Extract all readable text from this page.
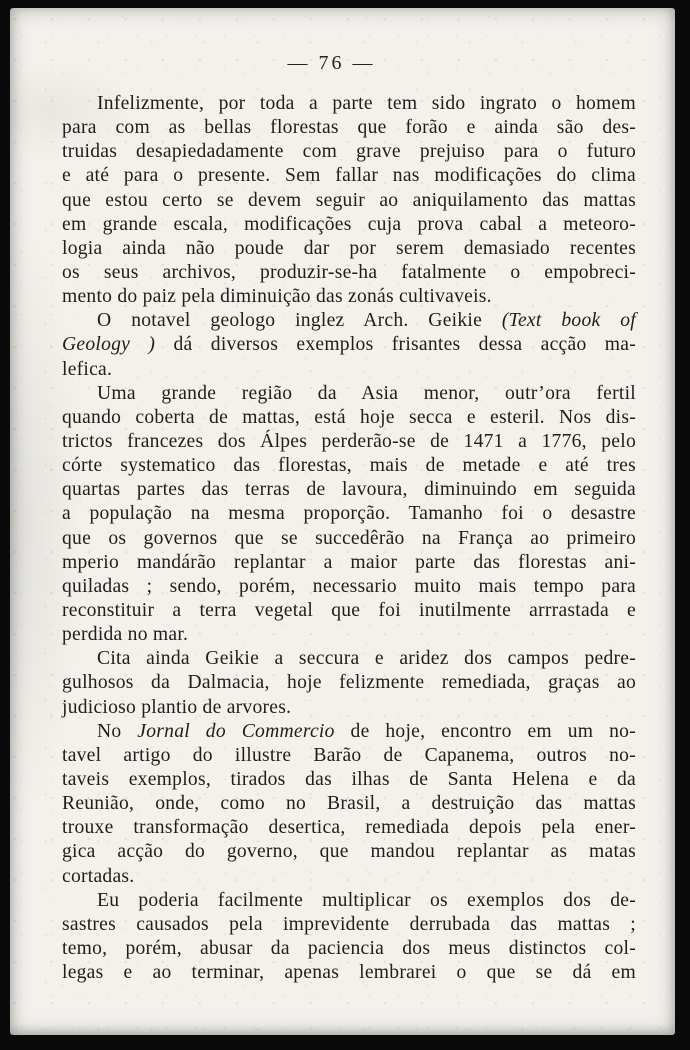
— 76 —
Infelizmente, por toda a parte tem sido ingrato o homem
para com as bellas florestas que forão e ainda são des-
truidas desapiedadamente com grave prejuiso para o futuro
e até para o presente. Sem fallar nas modificações do clima
que estou certo se devem seguir ao aniquilamento das mattas
em grande escala, modificações cuja prova cabal a meteoro-
logia ainda não poude dar por serem demasiado recentes
os seus archivos, produzir-se-ha fatalmente o empobreci-
mento do paiz pela diminuição das zonás cultivaveis.
O notavel geologo inglez Arch. Geikie (Text book of
Geology ) dá diversos exemplos frisantes dessa acção ma-
lefica.
Uma grande região da Asia menor, outr’ora fertil
quando coberta de mattas, está hoje secca e esteril. Nos dis-
trictos francezes dos Álpes perderão-se de 1471 a 1776, pelo
córte systematico das florestas, mais de metade e até tres
quartas partes das terras de lavoura, diminuindo em seguida
a população na mesma proporção. Tamanho foi o desastre
que os governos que se succedêrão na França ao primeiro
mperio mandárão replantar a maior parte das florestas ani-
quiladas ; sendo, porém, necessario muito mais tempo para
reconstituir a terra vegetal que foi inutilmente arrrastada e
perdida no mar.
Cita ainda Geikie a seccura e aridez dos campos pedre-
gulhosos da Dalmacia, hoje felizmente remediada, graças ao
judicioso plantio de arvores.
No Jornal do Commercio de hoje, encontro em um no-
tavel artigo do illustre Barão de Capanema, outros no-
taveis exemplos, tirados das ilhas de Santa Helena e da
Reunião, onde, como no Brasil, a destruição das mattas
trouxe transformação desertica, remediada depois pela ener-
gica acção do governo, que mandou replantar as matas
cortadas.
Eu poderia facilmente multiplicar os exemplos dos de-
sastres causados pela imprevidente derrubada das mattas ;
temo, porém, abusar da paciencia dos meus distinctos col-
legas e ao terminar, apenas lembrarei o que se dá em
